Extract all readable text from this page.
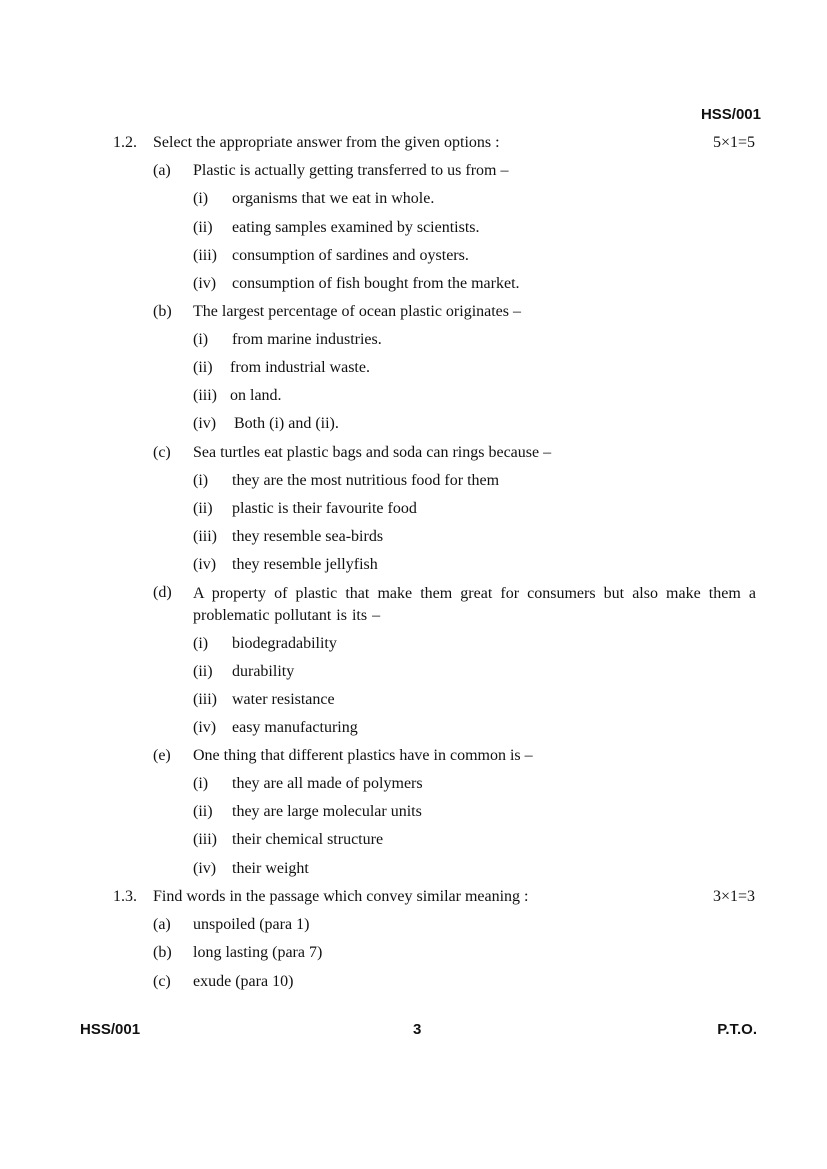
HSS/001
1.2. Select the appropriate answer from the given options :	5×1=5
(a) Plastic is actually getting transferred to us from –
(i) organisms that we eat in whole.
(ii) eating samples examined by scientists.
(iii) consumption of sardines and oysters.
(iv) consumption of fish bought from the market.
(b) The largest percentage of ocean plastic originates –
(i) from marine industries.
(ii) from industrial waste.
(iii) on land.
(iv) Both (i) and (ii).
(c) Sea turtles eat plastic bags and soda can rings because –
(i) they are the most nutritious food for them
(ii) plastic is their favourite food
(iii) they resemble sea-birds
(iv) they resemble jellyfish
(d) A property of plastic that make them great for consumers but also make them a problematic pollutant is its –
(i) biodegradability
(ii) durability
(iii) water resistance
(iv) easy manufacturing
(e) One thing that different plastics have in common is –
(i) they are all made of polymers
(ii) they are large molecular units
(iii) their chemical structure
(iv) their weight
1.3. Find words in the passage which convey similar meaning :	3×1=3
(a) unspoiled (para 1)
(b) long lasting (para 7)
(c) exude (para 10)
HSS/001	3	P.T.O.
